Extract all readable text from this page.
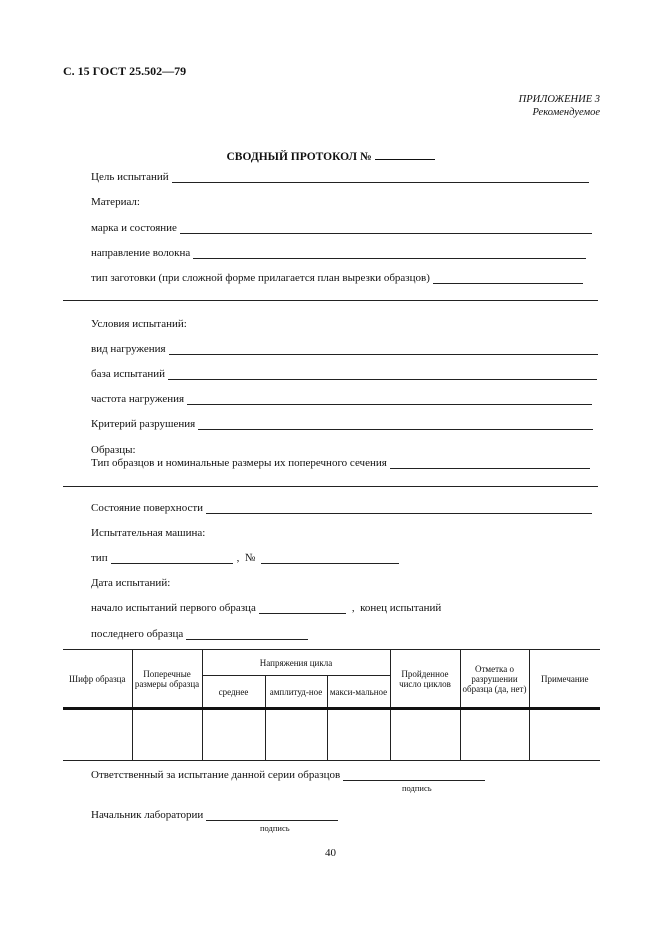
С. 15 ГОСТ 25.502—79
ПРИЛОЖЕНИЕ 3
Рекомендуемое
СВОДНЫЙ ПРОТОКОЛ №
Цель испытаний
Материал:
марка и состояние
направление волокна
тип заготовки (при сложной форме прилагается план вырезки образцов)
Условия испытаний:
вид нагружения
база испытаний
частота нагружения
Критерий разрушения
Образцы:
Тип образцов и номинальные размеры их поперечного сечения
Состояние поверхности
Испытательная машина:
тип	, №
Дата испытаний:
начало испытаний первого образца	, конец испытаний
последнего образца
Шифр образца	Поперечные размеры образца	Напряжения цикла			Пройденное число циклов	Отметка о разрушении образца (да, нет)	Примечание
		среднее	амплитуд-ное	макси-мальное			

Ответственный за испытание данной серии образцов
подпись
Начальник лаборатории
подпись
40
